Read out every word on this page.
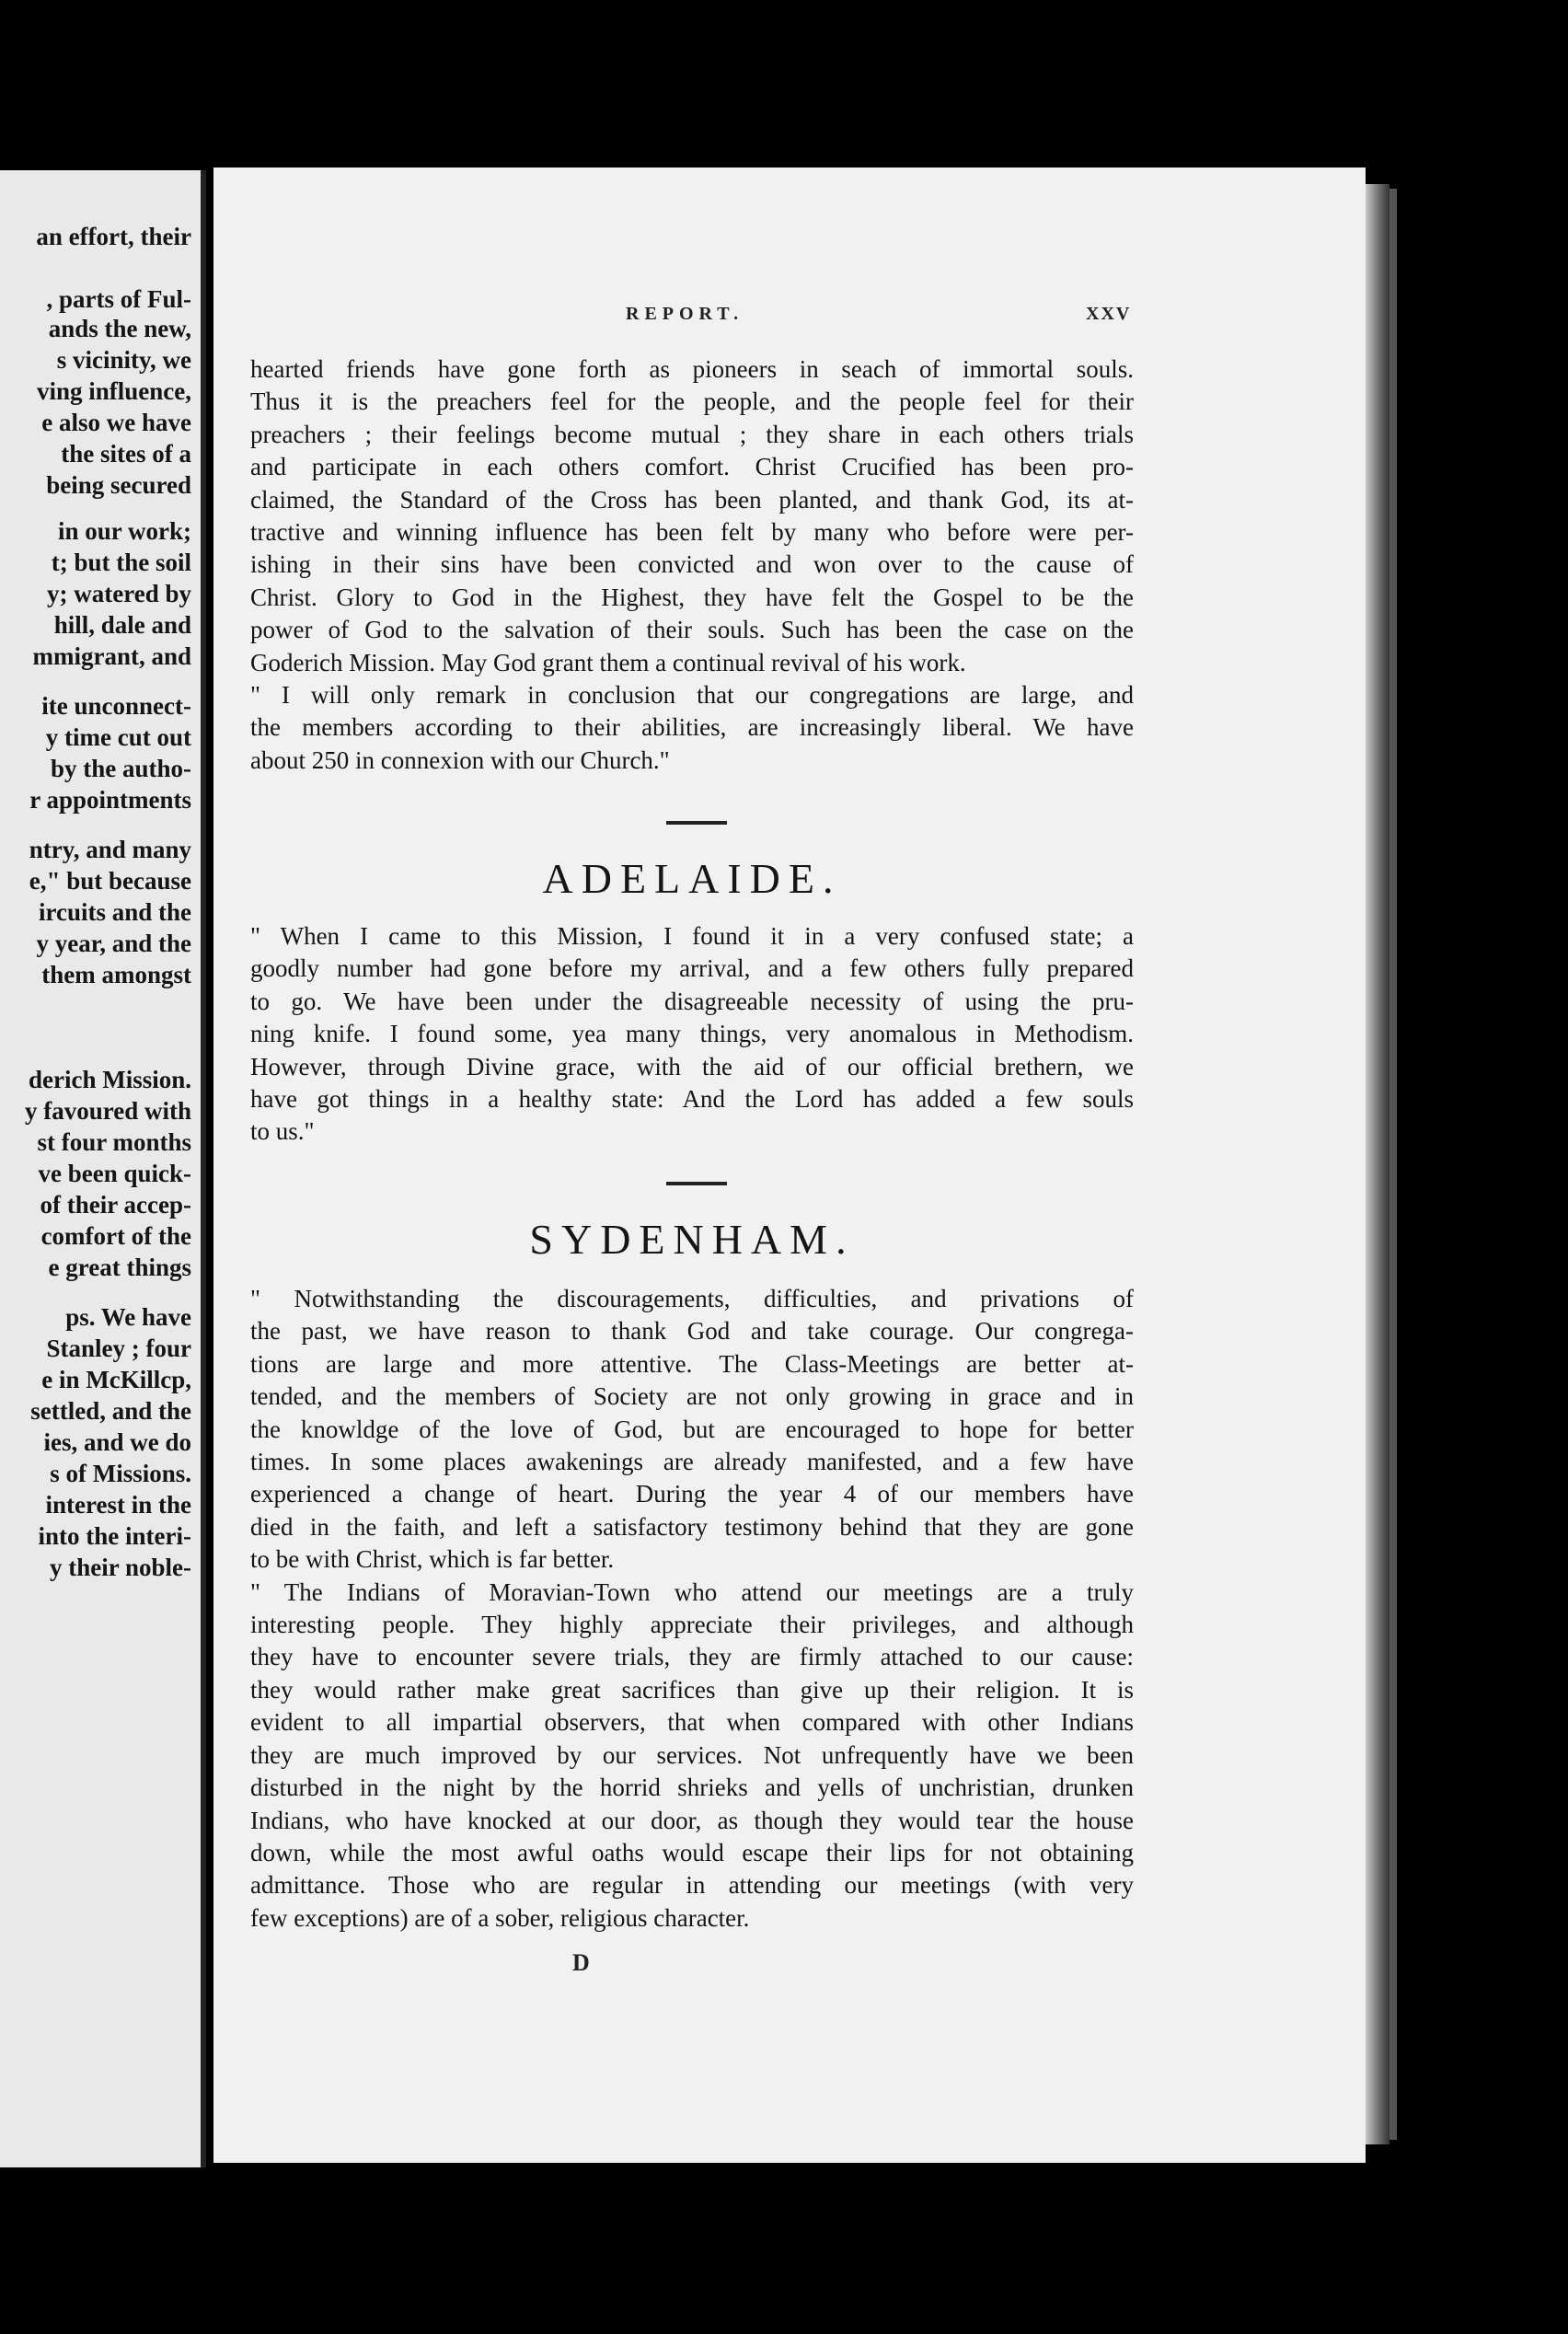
an effort, their
, parts of Ful-
ands the new,
s vicinity, we
ving influence,
e also we have
the sites of a
being secured
in our work;
t; but the soil
y; watered by
hill, dale and
mmigrant, and
ite unconnect-
y time cut out
by the autho-
r appointments
ntry, and many
e," but because
ircuits and the
y year, and the
them amongst
derich Mission.
y favoured with
st four months
ve been quick-
of their accep-
comfort of the
e great things
ps. We have
Stanley ; four
e in McKillcp,
settled, and the
ies, and we do
s of Missions.
interest in the
into the interi-
y their noble-
REPORT.	XXV
hearted friends have gone forth as pioneers in seach of immortal souls.
Thus it is the preachers feel for the people, and the people feel for their
preachers ; their feelings become mutual ; they share in each others trials
and participate in each others comfort. Christ Crucified has been pro-
claimed, the Standard of the Cross has been planted, and thank God, its at-
tractive and winning influence has been felt by many who before were per-
ishing in their sins have been convicted and won over to the cause of
Christ. Glory to God in the Highest, they have felt the Gospel to be the
power of God to the salvation of their souls. Such has been the case on the
Goderich Mission. May God grant them a continual revival of his work.
" I will only remark in conclusion that our congregations are large, and
the members according to their abilities, are increasingly liberal. We have
about 250 in connexion with our Church."
ADELAIDE.
" When I came to this Mission, I found it in a very confused state; a
goodly number had gone before my arrival, and a few others fully prepared
to go. We have been under the disagreeable necessity of using the pru-
ning knife. I found some, yea many things, very anomalous in Methodism.
However, through Divine grace, with the aid of our official brethern, we
have got things in a healthy state: And the Lord has added a few souls
to us."
SYDENHAM.
" Notwithstanding the discouragements, difficulties, and privations of
the past, we have reason to thank God and take courage. Our congrega-
tions are large and more attentive. The Class-Meetings are better at-
tended, and the members of Society are not only growing in grace and in
the knowldge of the love of God, but are encouraged to hope for better
times. In some places awakenings are already manifested, and a few have
experienced a change of heart. During the year 4 of our members have
died in the faith, and left a satisfactory testimony behind that they are gone
to be with Christ, which is far better.
" The Indians of Moravian-Town who attend our meetings are a truly
interesting people. They highly appreciate their privileges, and although
they have to encounter severe trials, they are firmly attached to our cause:
they would rather make great sacrifices than give up their religion. It is
evident to all impartial observers, that when compared with other Indians
they are much improved by our services. Not unfrequently have we been
disturbed in the night by the horrid shrieks and yells of unchristian, drunken
Indians, who have knocked at our door, as though they would tear the house
down, while the most awful oaths would escape their lips for not obtaining
admittance. Those who are regular in attending our meetings (with very
few exceptions) are of a sober, religious character.
D
